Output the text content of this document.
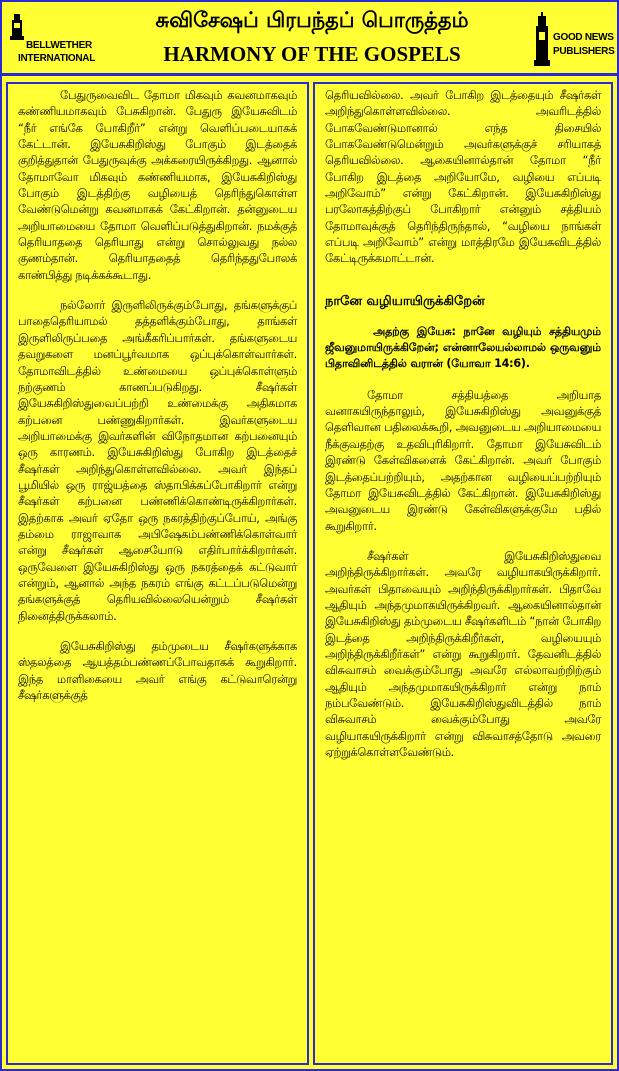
BELLWETHER
INTERNATIONAL
சுவிசேஷப் பிரபந்தப் பொருத்தம்
HARMONY OF THE GOSPELS
GOOD NEWS
PUBLISHERS

பேதுருவைவிட தோமா மிகவும் கவனமாகவும் கண்ணியமாகவும் பேசுகிறான். பேதுரு இயேசுவிடம் “நீர் எங்கே போகிறீர்” என்று வெளிப்படையாகக் கேட்டான். இயேசுகிறிஸ்து போகும் இடத்தைக் குறித்துதான் பேதுருவுக்கு அக்கரையிருக்கிறது. ஆனால் தோமாவோ மிகவும் கண்ணியமாக, இயேசுகிறிஸ்து போகும் இடத்திற்கு வழியைத் தெரிந்துகொள்ள வேண்டுமென்று கவனமாகக் கேட்கிறான். தன்னுடைய அறியாமையை தோமா வெளிப்படுத்துகிறான். நமக்குத் தெரியாததை தெரியாது என்று சொல்லுவது நல்ல குணம்தான். தெரியாததைத் தெரிந்ததுபோலக் காண்பித்து நடிக்கக்கூடாது.

நல்லோர் இருளிலிருக்கும்போது, தங்களுக்குப் பாதைதெரியாமல் தத்தளிக்கும்போது, தாங்கள் இருளிலிருப்பதை அங்கீகரிப்பார்கள். தங்களுடைய தவறுகளை மனப்பூர்வமாக ஒப்புக்கொள்வார்கள். தோமாவிடத்தில் உண்மையை ஒப்புக்கொள்ளும் நற்குணம் காணப்படுகிறது. சீஷர்கள் இயேசுகிறிஸ்துவைப்பற்றி உண்மைக்கு அதிகமாக கற்பனை பண்ணுகிறார்கள். இவர்களுடைய அறியாமைக்கு இவர்களின் விநோதமான கற்பனையும் ஒரு காரணம். இயேசுகிறிஸ்து போகிற இடத்தைச் சீஷர்கள் அறிந்துகொள்ளவில்லை. அவர் இந்தப் பூமியில் ஒரு ராஜ்யத்தை ஸ்தாபிக்கப்போகிறார் என்று சீஷர்கள் கற்பனை பண்ணிக்கொண்டிருக்கிறார்கள். இதற்காக அவர் ஏதோ ஒரு நகரத்திற்குப்போய், அங்கு தம்மை ராஜாவாக அபிஷேகம்பண்ணிக்கொள்வார் என்று சீஷர்கள் ஆசையோடு எதிர்பார்க்கிறார்கள். ஒருவேளை இயேசுகிறிஸ்து ஒரு நகரத்தைக் கட்டுவார் என்றும், ஆனால் அந்த நகரம் எங்கு கட்டப்படுமென்று தங்களுக்குத் தெரியவில்லையென்றும் சீஷர்கள் நினைத்திருக்கலாம்.

இயேசுகிறிஸ்து தம்முடைய சீஷர்களுக்காக ஸ்தலத்தை ஆயத்தம்பண்ணப்போவதாகக் கூறுகிறார். இந்த மாளிகையை அவர் எங்கு கட்டுவாரென்று சீஷர்களுக்குத்

தெரியவில்லை. அவர் போகிற இடத்தையும் சீஷர்கள் அறிந்துகொள்ளவில்லை. அவரிடத்தில் போகவேண்டுமானால் எந்த திசையில் போகவேண்டுமென்றும் அவர்களுக்குச் சரியாகத் தெரியவில்லை. ஆகையினால்தான் தோமா “நீர் போகிற இடத்தை அறியோமே, வழியை எப்படி அறிவோம்” என்று கேட்கிறான். இயேசுகிறிஸ்து பரலோகத்திற்குப் போகிறார் என்னும் சத்தியம் தோமாவுக்குத் தெரிந்திருந்தால், “வழியை நாங்கள் எப்படி அறிவோம்” என்று மாத்திரமே இயேசுவிடத்தில் கேட்டிருக்கமாட்டான்.

நானே வழியாயிருக்கிறேன்
அதற்கு இயேசு: நானே வழியும் சத்தியமும் ஜீவனுமாயிருக்கிறேன்; என்னாலேயல்லாமல் ஒருவனும் பிதாவினிடத்தில் வரான் (யோவா 14:6).

தோமா சத்தியத்தை அறியாத வனாகயிருந்தாலும், இயேசுகிறிஸ்து அவனுக்குத் தெளிவான பதிலைக்கூறி, அவனுடைய அறியாமையை நீக்குவதற்கு உதவிபுரிகிறார். தோமா இயேசுவிடம் இரண்டு கேள்விகளைக் கேட்கிறான். அவர் போகும் இடத்தைப்பற்றியும், அதற்கான வழியைப்பற்றியும் தோமா இயேசுவிடத்தில் கேட்கிறான். இயேசுகிறிஸ்து அவனுடைய இரண்டு கேள்விகளுக்குமே பதில் கூறுகிறார்.

சீஷர்கள் இயேசுகிறிஸ்துவை அறிந்திருக்கிறார்கள். அவரே வழியாகயிருக்கிறார். அவர்கள் பிதாவையும் அறிந்திருக்கிறார்கள். பிதாவே ஆதியும் அந்தமுமாகயிருக்கிறவர். ஆகையினால்தான் இயேசுகிறிஸ்து தம்முடைய சீஷர்களிடம் “நான் போகிற இடத்தை அறிந்திருக்கிறீர்கள், வழியையும் அறிந்திருக்கிறீர்கள்” என்று கூறுகிறார். தேவனிடத்தில் விசுவாசம் வைக்கும்போது அவரே எல்லாவற்றிற்கும் ஆதியும் அந்தமுமாகயிருக்கிறார் என்று நாம் நம்பவேண்டும். இயேசுகிறிஸ்துவிடத்தில் நாம் விசுவாசம் வைக்கும்போது அவரே வழியாகயிருக்கிறார் என்று விசுவாசத்தோடு அவரை ஏற்றுக்கொள்ளவேண்டும்.
